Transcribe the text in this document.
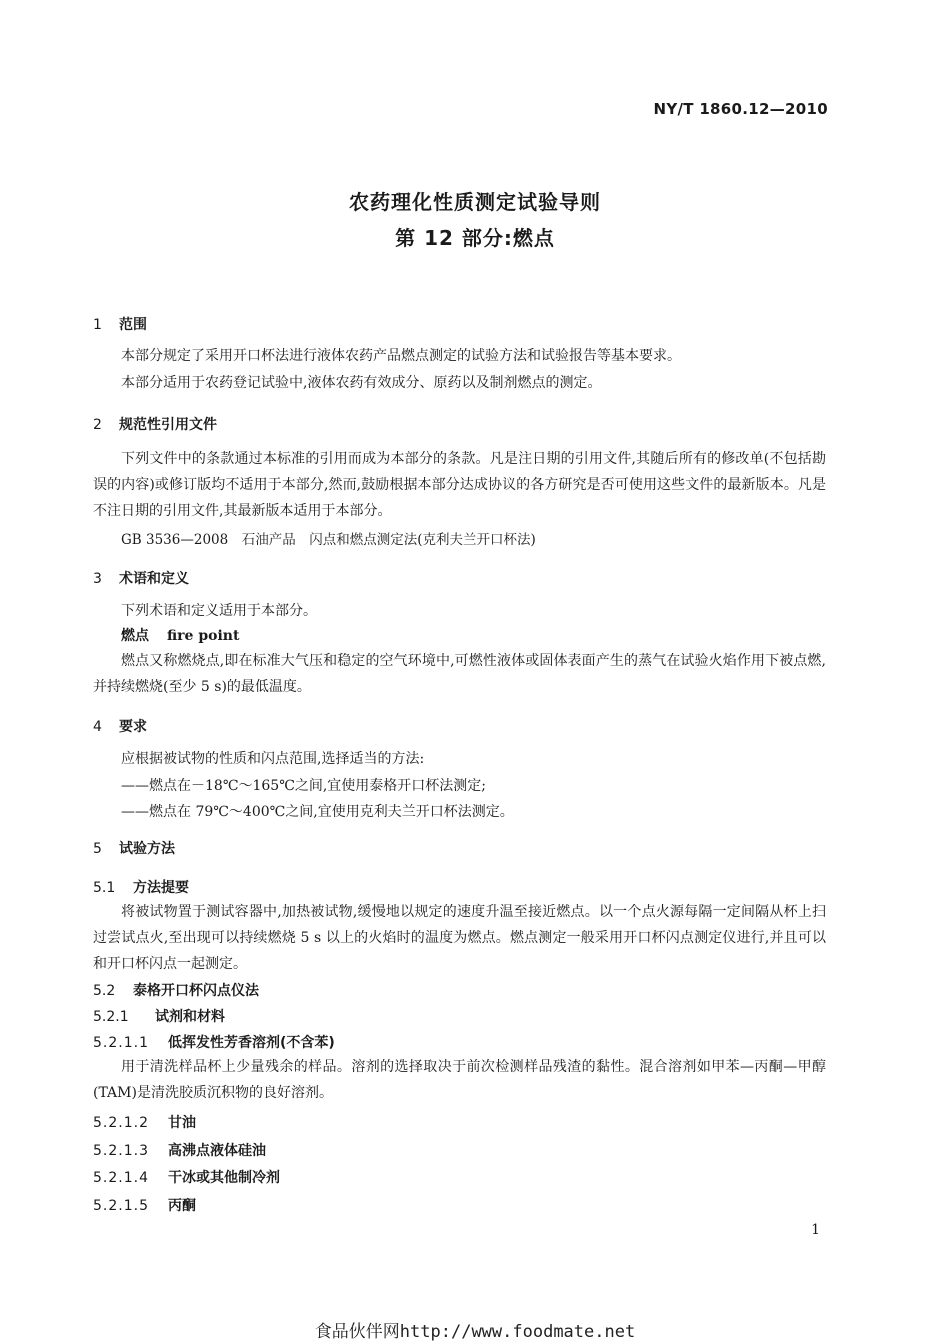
NY/T 1860.12—2010
农药理化性质测定试验导则
第 12 部分:燃点
1 范围
本部分规定了采用开口杯法进行液体农药产品燃点测定的试验方法和试验报告等基本要求。
本部分适用于农药登记试验中,液体农药有效成分、原药以及制剂燃点的测定。
2 规范性引用文件
下列文件中的条款通过本标准的引用而成为本部分的条款。凡是注日期的引用文件,其随后所有的修改单(不包括勘误的内容)或修订版均不适用于本部分,然而,鼓励根据本部分达成协议的各方研究是否可使用这些文件的最新版本。凡是不注日期的引用文件,其最新版本适用于本部分。
GB 3536—2008　石油产品　闪点和燃点测定法(克利夫兰开口杯法)
3 术语和定义
下列术语和定义适用于本部分。
燃点 fire point
燃点又称燃烧点,即在标准大气压和稳定的空气环境中,可燃性液体或固体表面产生的蒸气在试验火焰作用下被点燃,并持续燃烧(至少 5 s)的最低温度。
4 要求
应根据被试物的性质和闪点范围,选择适当的方法:
——燃点在－18℃～165℃之间,宜使用泰格开口杯法测定;
——燃点在 79℃～400℃之间,宜使用克利夫兰开口杯法测定。
5 试验方法
5.1 方法提要
将被试物置于测试容器中,加热被试物,缓慢地以规定的速度升温至接近燃点。以一个点火源每隔一定间隔从杯上扫过尝试点火,至出现可以持续燃烧 5 s 以上的火焰时的温度为燃点。燃点测定一般采用开口杯闪点测定仪进行,并且可以和开口杯闪点一起测定。
5.2 泰格开口杯闪点仪法
5.2.1 试剂和材料
5.2.1.1 低挥发性芳香溶剂(不含苯)
用于清洗样品杯上少量残余的样品。溶剂的选择取决于前次检测样品残渣的黏性。混合溶剂如甲苯—丙酮—甲醇(TAM)是清洗胶质沉积物的良好溶剂。
5.2.1.2 甘油
5.2.1.3 高沸点液体硅油
5.2.1.4 干冰或其他制冷剂
5.2.1.5 丙酮
1
食品伙伴网http://www.foodmate.net
